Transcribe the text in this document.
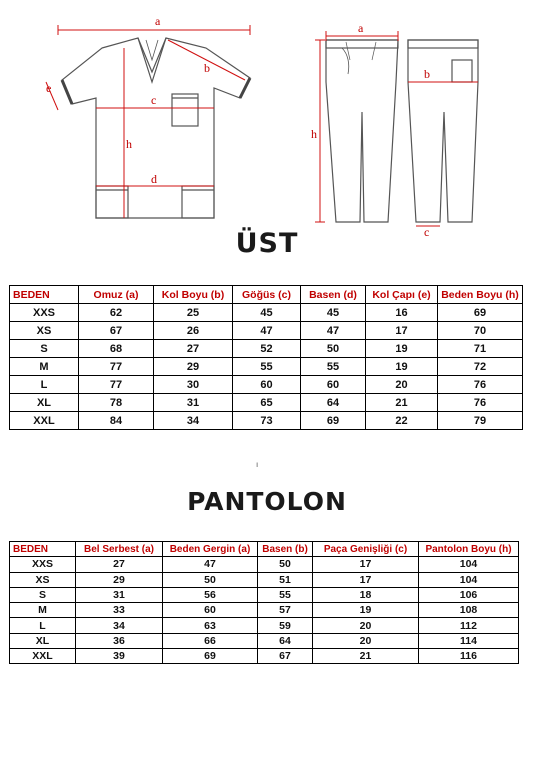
a
b
e
c
h
d
a
b
h
c
ÜST
BEDEN	Omuz (a)	Kol Boyu (b)	Göğüs (c)	Basen (d)	Kol Çapı (e)	Beden Boyu (h)
XXS	62	25	45	45	16	69
XS	67	26	47	47	17	70
S	68	27	52	50	19	71
M	77	29	55	55	19	72
L	77	30	60	60	20	76
XL	78	31	65	64	21	76
XXL	84	34	73	69	22	79
ı
PANTOLON
BEDEN	Bel Serbest (a)	Beden Gergin (a)	Basen (b)	Paça Genişliği (c)	Pantolon Boyu (h)
XXS	27	47	50	17	104
XS	29	50	51	17	104
S	31	56	55	18	106
M	33	60	57	19	108
L	34	63	59	20	112
XL	36	66	64	20	114
XXL	39	69	67	21	116
